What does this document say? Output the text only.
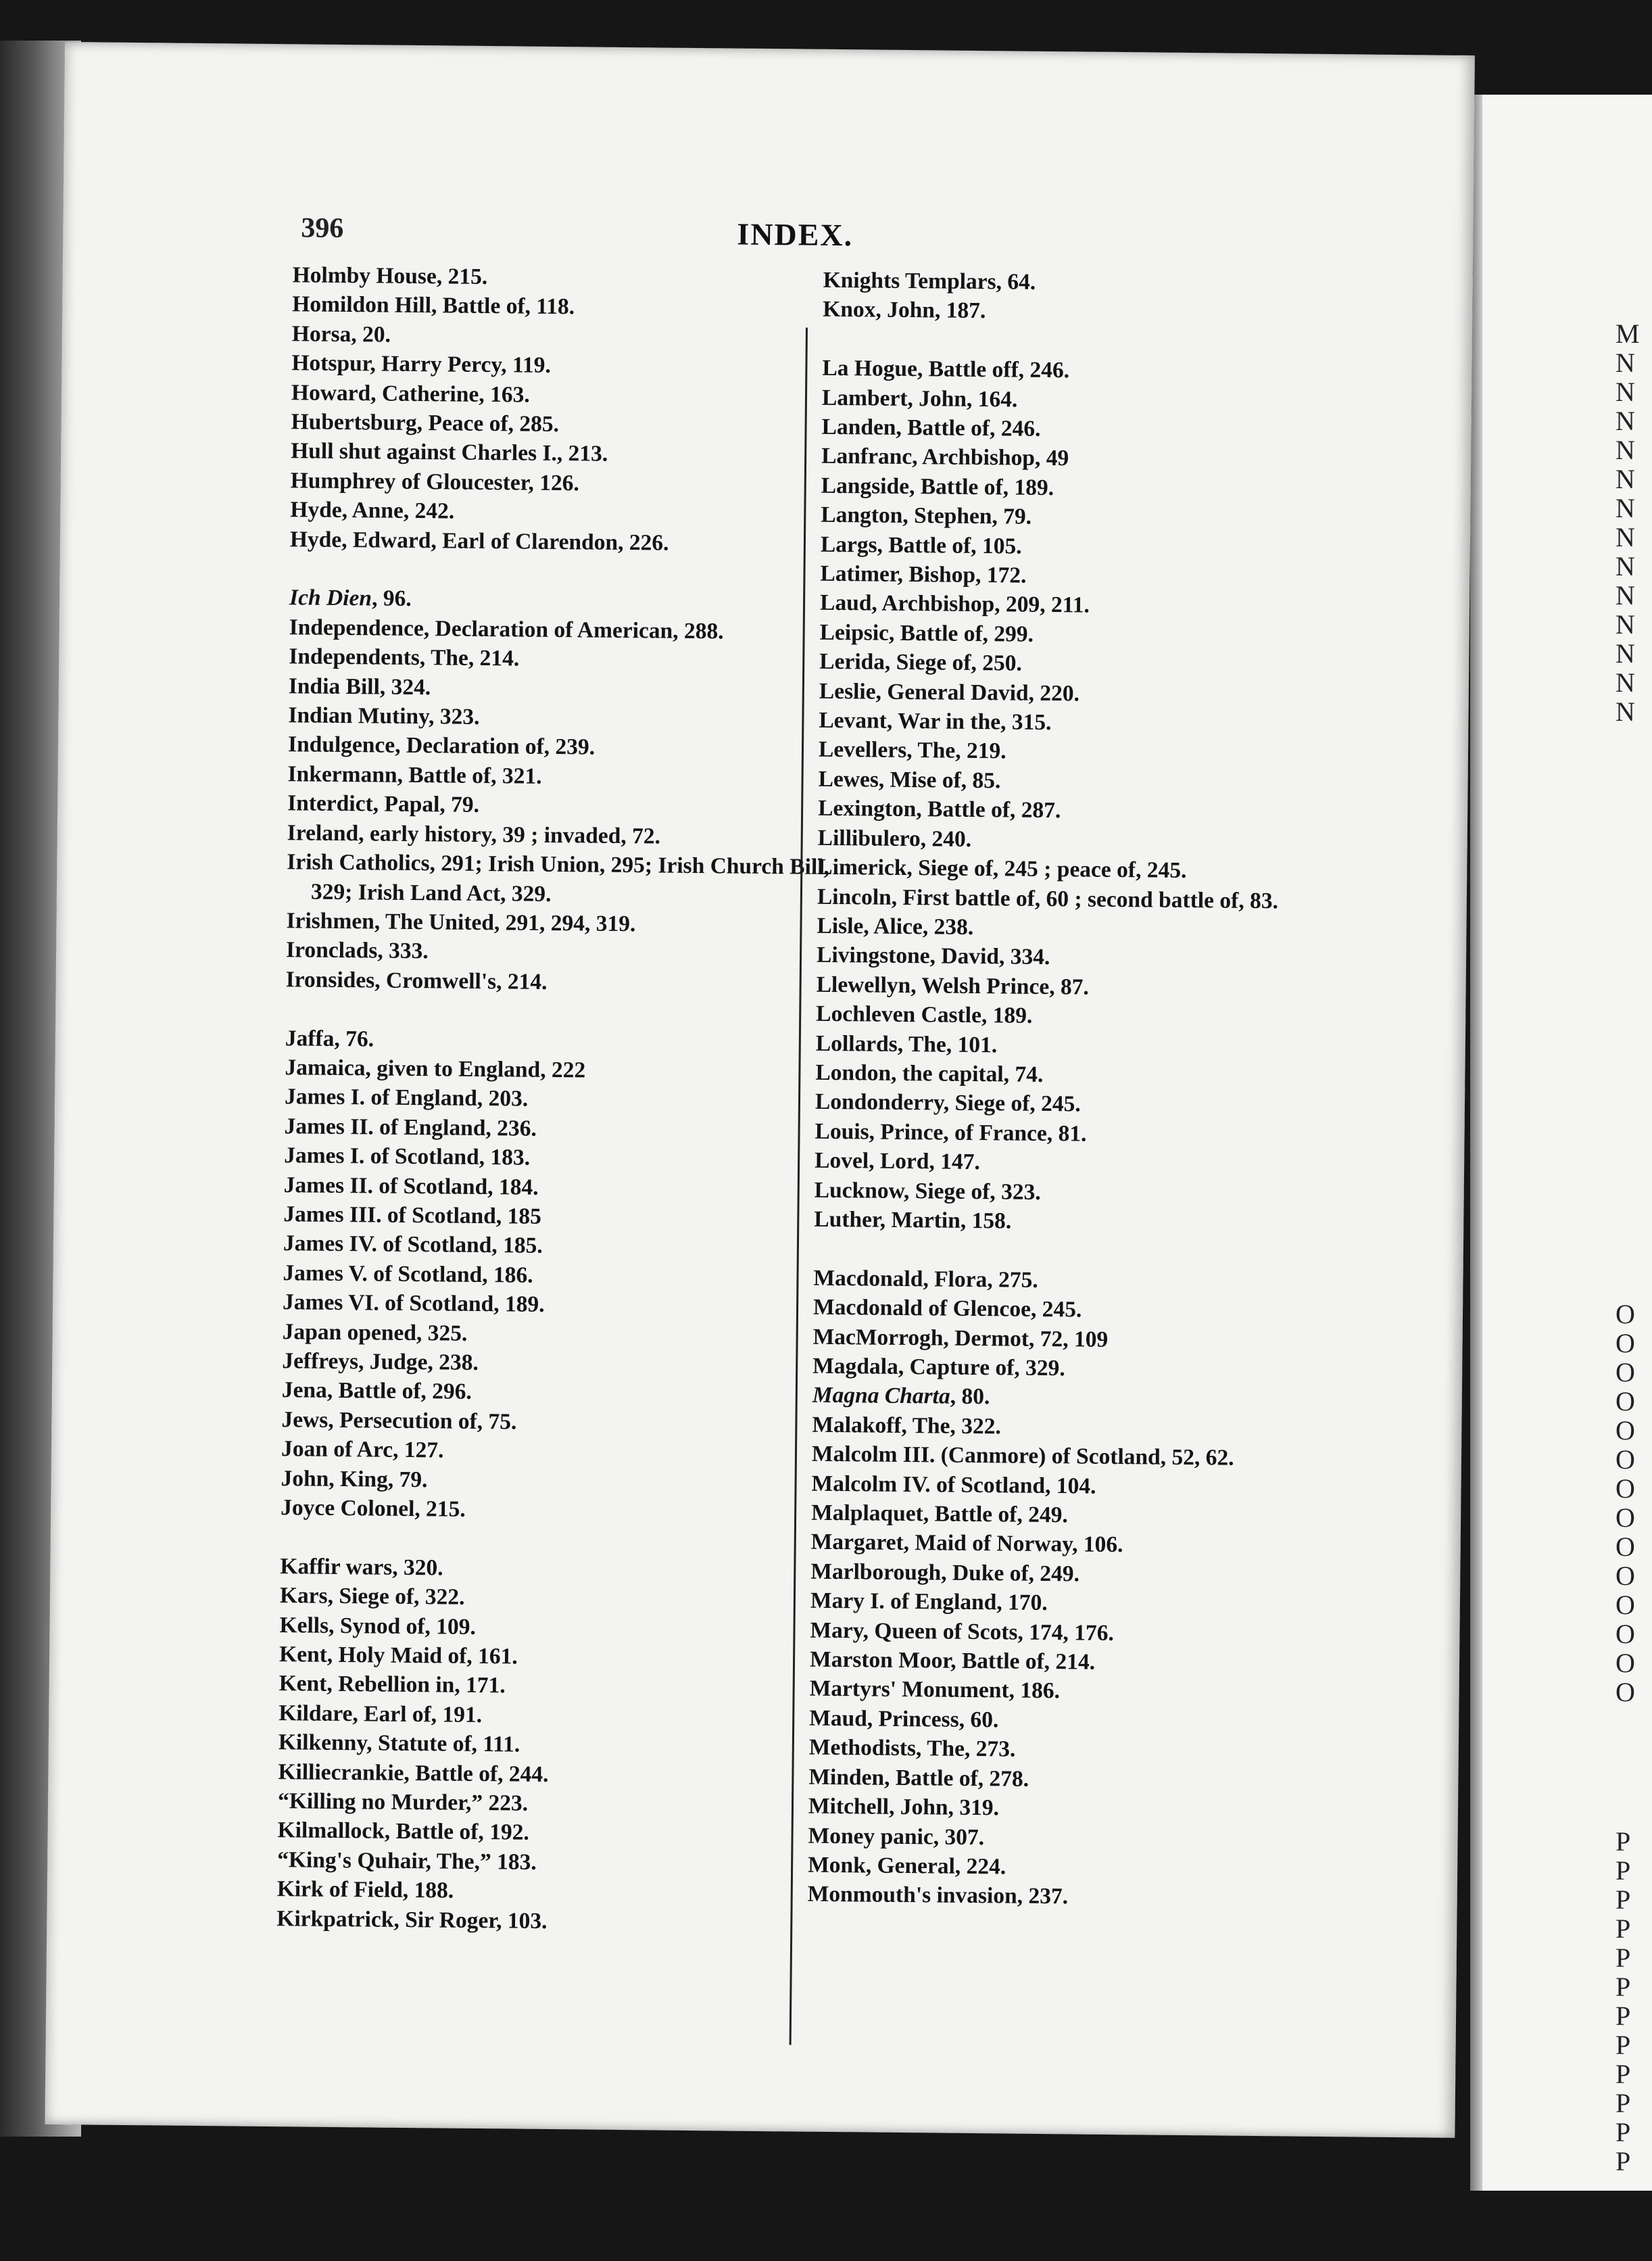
M
N
N
N
N
N
N
N
N
N
N
N
N
N
O
O
O
O
O
O
O
O
O
O
O
O
O
O
P
P
P
P
P
P
P
P
P
P
P
P
396	INDEX.
Holmby House, 215.
Homildon Hill, Battle of, 118.
Horsa, 20.
Hotspur, Harry Percy, 119.
Howard, Catherine, 163.
Hubertsburg, Peace of, 285.
Hull shut against Charles I., 213.
Humphrey of Gloucester, 126.
Hyde, Anne, 242.
Hyde, Edward, Earl of Clarendon, 226.
Ich Dien, 96.
Independence, Declaration of American, 288.
Independents, The, 214.
India Bill, 324.
Indian Mutiny, 323.
Indulgence, Declaration of, 239.
Inkermann, Battle of, 321.
Interdict, Papal, 79.
Ireland, early history, 39 ; invaded, 72.
Irish Catholics, 291; Irish Union, 295; Irish Church Bill, 329; Irish Land Act, 329.
Irishmen, The United, 291, 294, 319.
Ironclads, 333.
Ironsides, Cromwell's, 214.
Jaffa, 76.
Jamaica, given to England, 222
James I. of England, 203.
James II. of England, 236.
James I. of Scotland, 183.
James II. of Scotland, 184.
James III. of Scotland, 185
James IV. of Scotland, 185.
James V. of Scotland, 186.
James VI. of Scotland, 189.
Japan opened, 325.
Jeffreys, Judge, 238.
Jena, Battle of, 296.
Jews, Persecution of, 75.
Joan of Arc, 127.
John, King, 79.
Joyce Colonel, 215.
Kaffir wars, 320.
Kars, Siege of, 322.
Kells, Synod of, 109.
Kent, Holy Maid of, 161.
Kent, Rebellion in, 171.
Kildare, Earl of, 191.
Kilkenny, Statute of, 111.
Killiecrankie, Battle of, 244.
“Killing no Murder,” 223.
Kilmallock, Battle of, 192.
“King's Quhair, The,” 183.
Kirk of Field, 188.
Kirkpatrick, Sir Roger, 103.
Knights Templars, 64.
Knox, John, 187.
La Hogue, Battle off, 246.
Lambert, John, 164.
Landen, Battle of, 246.
Lanfranc, Archbishop, 49
Langside, Battle of, 189.
Langton, Stephen, 79.
Largs, Battle of, 105.
Latimer, Bishop, 172.
Laud, Archbishop, 209, 211.
Leipsic, Battle of, 299.
Lerida, Siege of, 250.
Leslie, General David, 220.
Levant, War in the, 315.
Levellers, The, 219.
Lewes, Mise of, 85.
Lexington, Battle of, 287.
Lillibulero, 240.
Limerick, Siege of, 245 ; peace of, 245.
Lincoln, First battle of, 60 ; second battle of, 83.
Lisle, Alice, 238.
Livingstone, David, 334.
Llewellyn, Welsh Prince, 87.
Lochleven Castle, 189.
Lollards, The, 101.
London, the capital, 74.
Londonderry, Siege of, 245.
Louis, Prince, of France, 81.
Lovel, Lord, 147.
Lucknow, Siege of, 323.
Luther, Martin, 158.
Macdonald, Flora, 275.
Macdonald of Glencoe, 245.
MacMorrogh, Dermot, 72, 109
Magdala, Capture of, 329.
Magna Charta, 80.
Malakoff, The, 322.
Malcolm III. (Canmore) of Scotland, 52, 62.
Malcolm IV. of Scotland, 104.
Malplaquet, Battle of, 249.
Margaret, Maid of Norway, 106.
Marlborough, Duke of, 249.
Mary I. of England, 170.
Mary, Queen of Scots, 174, 176.
Marston Moor, Battle of, 214.
Martyrs' Monument, 186.
Maud, Princess, 60.
Methodists, The, 273.
Minden, Battle of, 278.
Mitchell, John, 319.
Money panic, 307.
Monk, General, 224.
Monmouth's invasion, 237.
